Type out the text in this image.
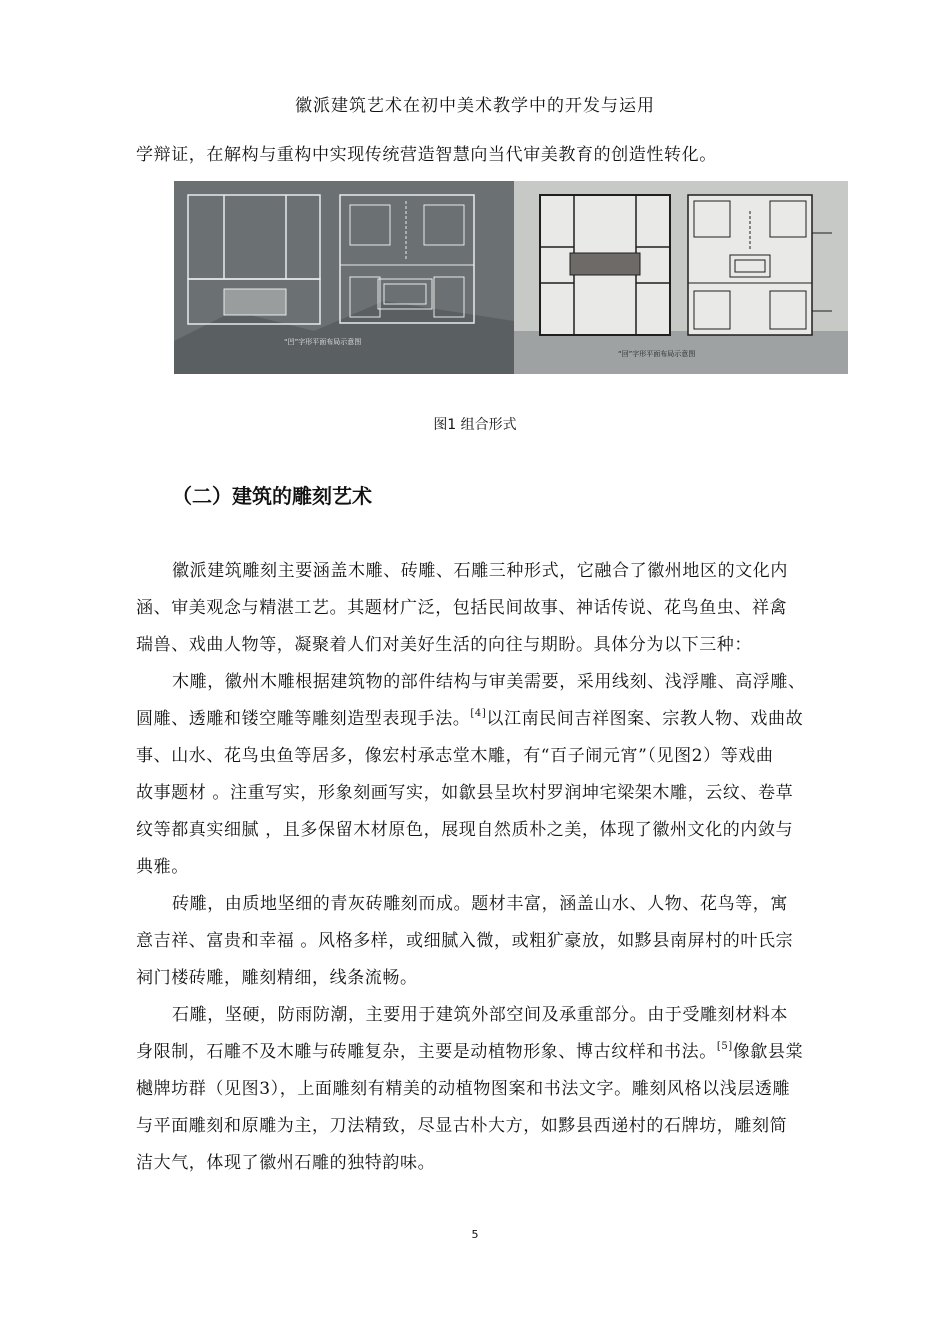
徽派建筑艺术在初中美术教学中的开发与运用
学辩证，在解构与重构中实现传统营造智慧向当代审美教育的创造性转化。
“凹”字形平面布局示意图
“回”字形平面布局示意图
图1 组合形式
（二）建筑的雕刻艺术
徽派建筑雕刻主要涵盖木雕、砖雕、石雕三种形式，它融合了徽州地区的文化内
涵、审美观念与精湛工艺。其题材广泛，包括民间故事、神话传说、花鸟鱼虫、祥禽
瑞兽、戏曲人物等，凝聚着人们对美好生活的向往与期盼。具体分为以下三种：
木雕，徽州木雕根据建筑物的部件结构与审美需要，采用线刻、浅浮雕、高浮雕、
圆雕、透雕和镂空雕等雕刻造型表现手法。[4]以江南民间吉祥图案、宗教人物、戏曲故
事、山水、花鸟虫鱼等居多，像宏村承志堂木雕，有“百子闹元宵”（见图2）等戏曲
故事题材 。注重写实，形象刻画写实，如歙县呈坎村罗润坤宅梁架木雕，云纹、卷草
纹等都真实细腻 ，且多保留木材原色，展现自然质朴之美，体现了徽州文化的内敛与
典雅。
砖雕，由质地坚细的青灰砖雕刻而成。题材丰富，涵盖山水、人物、花鸟等，寓
意吉祥、富贵和幸福 。风格多样，或细腻入微，或粗犷豪放，如黟县南屏村的叶氏宗
祠门楼砖雕，雕刻精细，线条流畅。
石雕，坚硬，防雨防潮，主要用于建筑外部空间及承重部分。由于受雕刻材料本
身限制，石雕不及木雕与砖雕复杂，主要是动植物形象、博古纹样和书法。[5]像歙县棠
樾牌坊群（见图3），上面雕刻有精美的动植物图案和书法文字。雕刻风格以浅层透雕
与平面雕刻和原雕为主，刀法精致，尽显古朴大方，如黟县西递村的石牌坊，雕刻简
洁大气，体现了徽州石雕的独特韵味。
5
